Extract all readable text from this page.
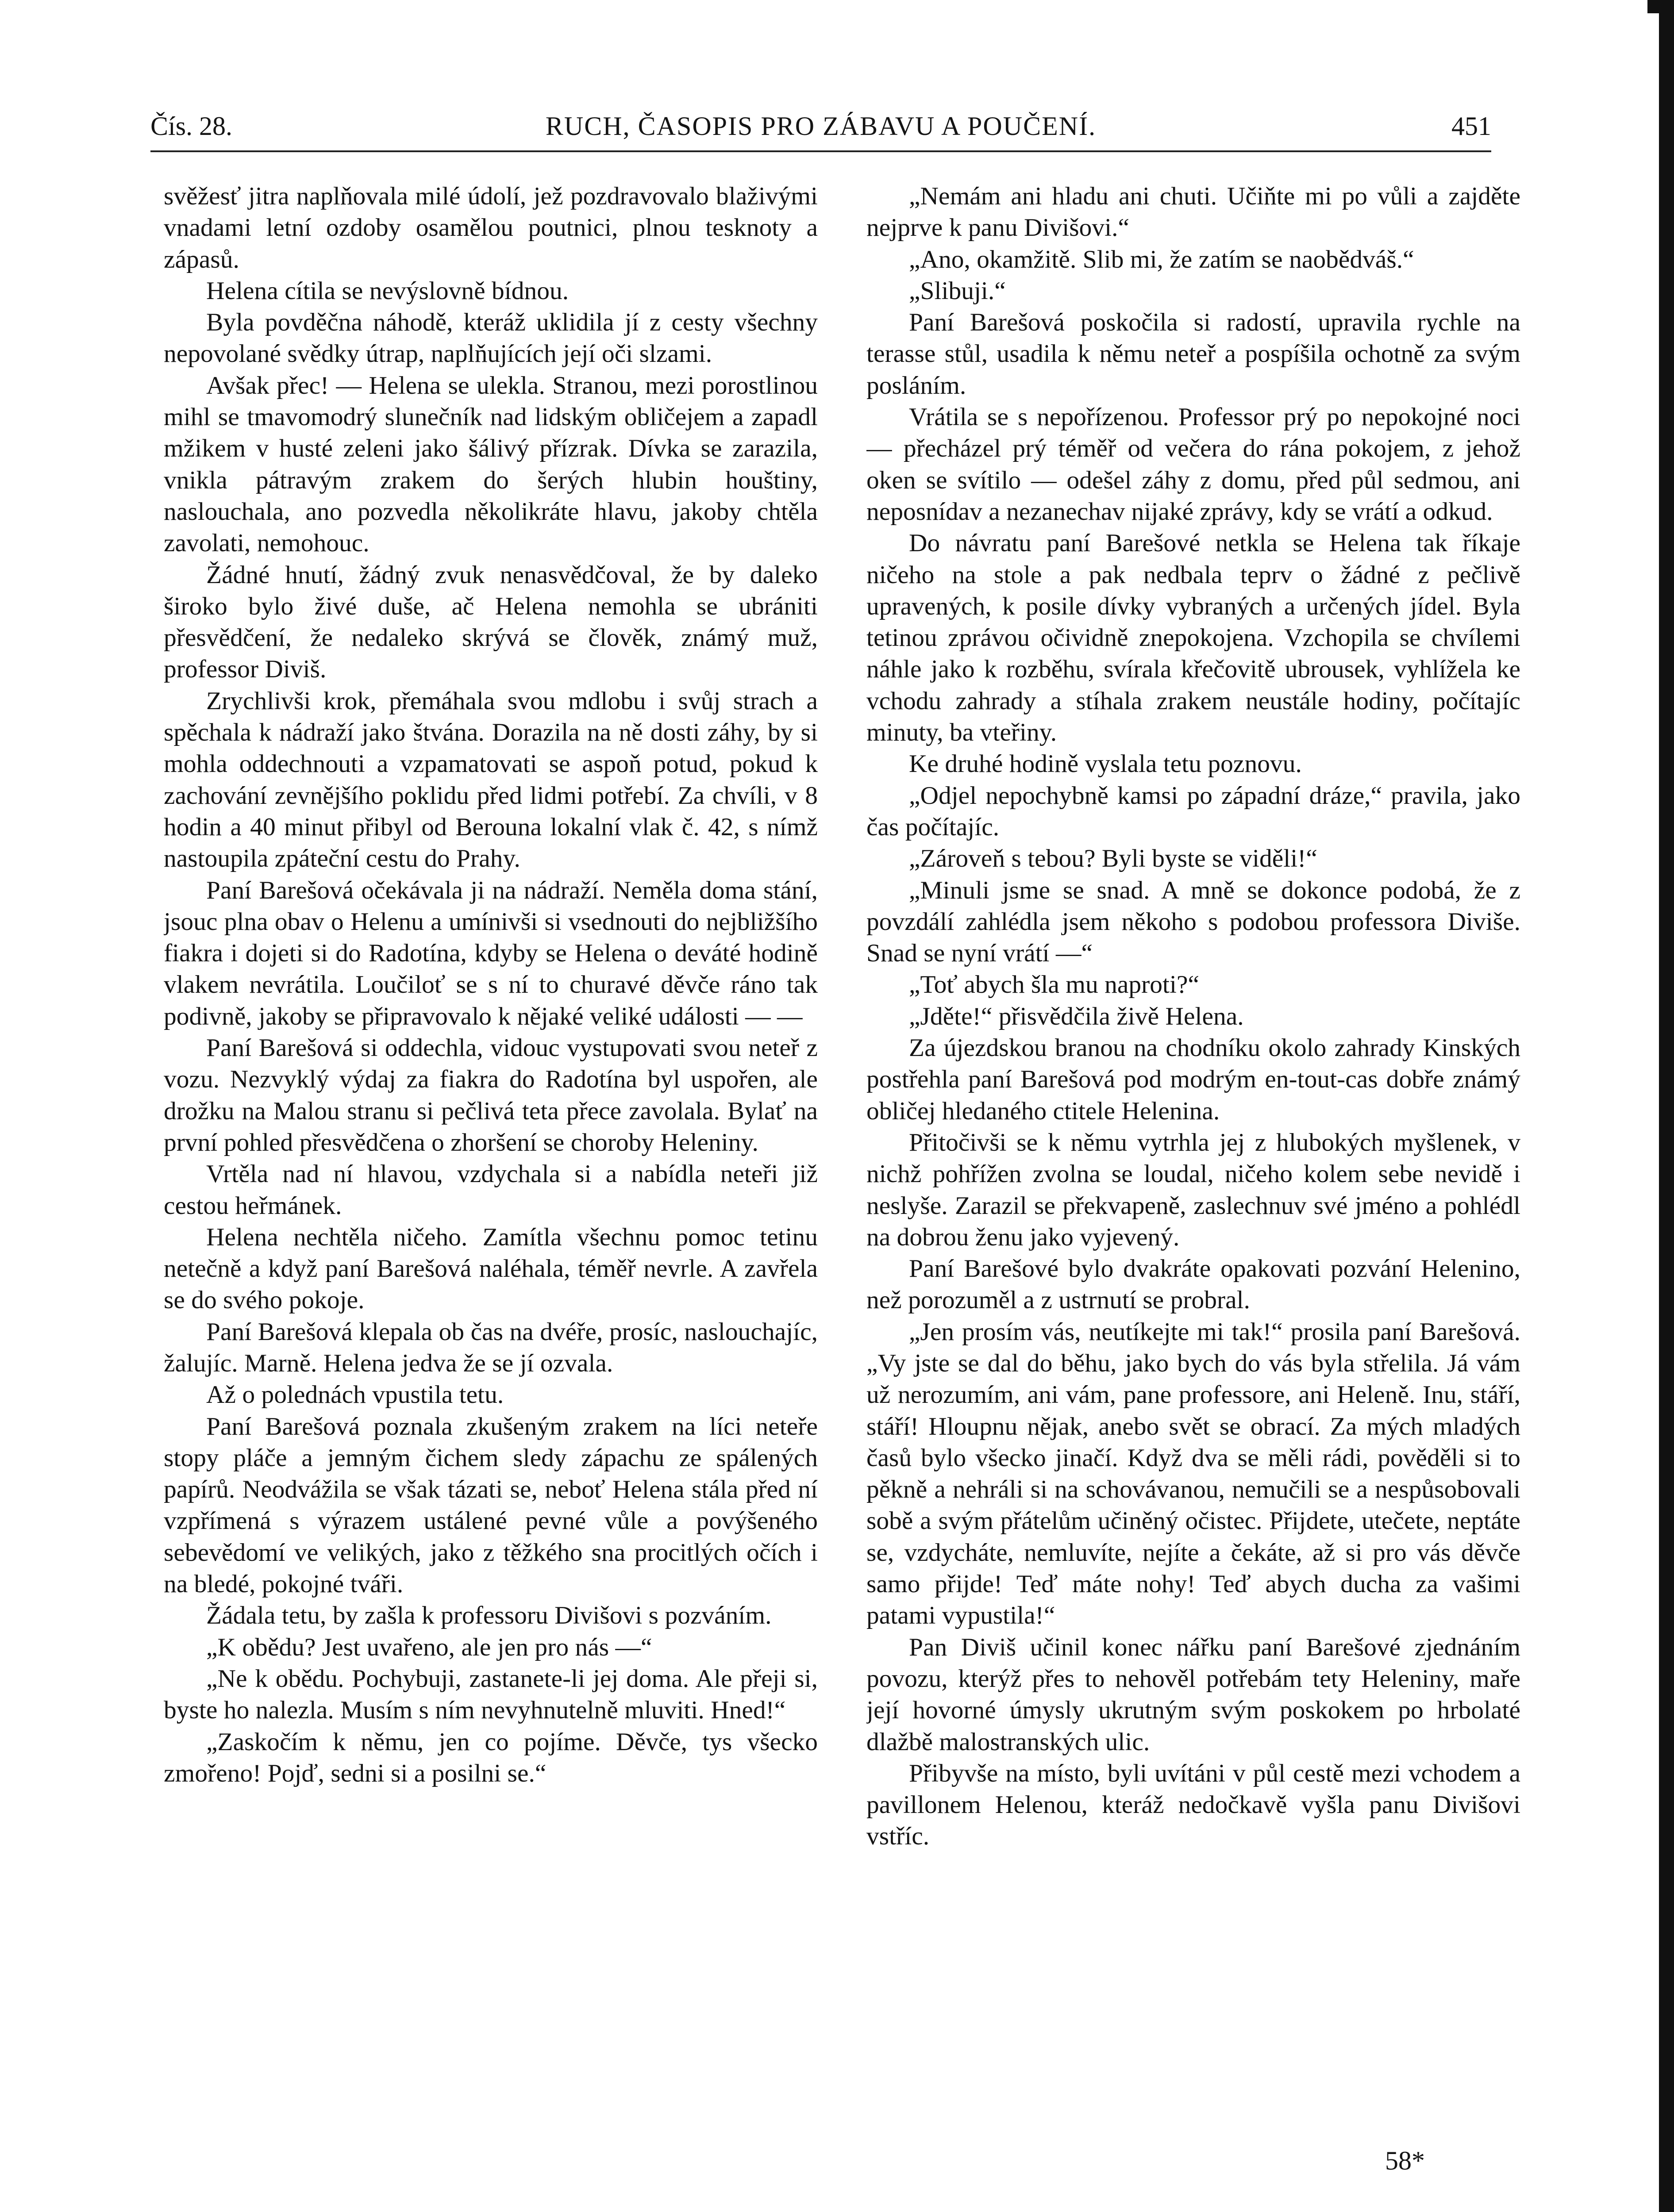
Čís. 28.	RUCH, ČASOPIS PRO ZÁBAVU A POUČENÍ.	451

svěžesť jitra naplňovala milé údolí, jež pozdravovalo blaživými vnadami letní ozdoby osamělou poutnici, plnou tesknoty a zápasů.

Helena cítila se nevýslovně bídnou.

Byla povděčna náhodě, kteráž uklidila jí z cesty všechny nepovolané svědky útrap, naplňujících její oči slzami.

Avšak přec! — Helena se ulekla. Stranou, mezi porostlinou mihl se tmavomodrý slunečník nad lidským obličejem a zapadl mžikem v husté zeleni jako šálivý přízrak. Dívka se zarazila, vnikla pátravým zrakem do šerých hlubin houštiny, naslouchala, ano pozvedla několikráte hlavu, jakoby chtěla zavolati, nemohouc.

Žádné hnutí, žádný zvuk nenasvědčoval, že by daleko široko bylo živé duše, ač Helena nemohla se ubrániti přesvědčení, že nedaleko skrývá se člověk, známý muž, professor Diviš.

Zrychlivši krok, přemáhala svou mdlobu i svůj strach a spěchala k nádraží jako štvána. Dorazila na ně dosti záhy, by si mohla oddechnouti a vzpamatovati se aspoň potud, pokud k zachování zevnějšího poklidu před lidmi potřebí. Za chvíli, v 8 hodin a 40 minut přibyl od Berouna lokalní vlak č. 42, s nímž nastoupila zpáteční cestu do Prahy.

Paní Barešová očekávala ji na nádraží. Neměla doma stání, jsouc plna obav o Helenu a umínivši si vsednouti do nejbližšího fiakra i dojeti si do Radotína, kdyby se Helena o deváté hodině vlakem nevrátila. Loučiloť se s ní to churavé děvče ráno tak podivně, jakoby se připravovalo k nějaké veliké události — —

Paní Barešová si oddechla, vidouc vystupovati svou neteř z vozu. Nezvyklý výdaj za fiakra do Radotína byl uspořen, ale drožku na Malou stranu si pečlivá teta přece zavolala. Bylať na první pohled přesvědčena o zhoršení se choroby Heleniny.

Vrtěla nad ní hlavou, vzdychala si a nabídla neteři již cestou heřmánek.

Helena nechtěla ničeho. Zamítla všechnu pomoc tetinu netečně a když paní Barešová naléhala, téměř nevrle. A zavřela se do svého pokoje.

Paní Barešová klepala ob čas na dvéře, prosíc, naslouchajíc, žalujíc. Marně. Helena jedva že se jí ozvala.

Až o polednách vpustila tetu.

Paní Barešová poznala zkušeným zrakem na líci neteře stopy pláče a jemným čichem sledy zápachu ze spálených papírů. Neodvážila se však tázati se, neboť Helena stála před ní vzpřímená s výrazem ustálené pevné vůle a povýšeného sebevědomí ve velikých, jako z těžkého sna procitlých očích i na bledé, pokojné tváři.

Žádala tetu, by zašla k professoru Divišovi s pozváním.

„K obědu? Jest uvařeno, ale jen pro nás —“

„Ne k obědu. Pochybuji, zastanete-li jej doma. Ale přeji si, byste ho nalezla. Musím s ním nevyhnutelně mluviti. Hned!“

„Zaskočím k němu, jen co pojíme. Děvče, tys všecko zmořeno! Pojď, sedni si a posilni se.“

„Nemám ani hladu ani chuti. Učiňte mi po vůli a zajděte nejprve k panu Divišovi.“

„Ano, okamžitě. Slib mi, že zatím se naobědváš.“

„Slibuji.“

Paní Barešová poskočila si radostí, upravila rychle na terasse stůl, usadila k němu neteř a pospíšila ochotně za svým posláním.

Vrátila se s nepořízenou. Professor prý po nepokojné noci — přecházel prý téměř od večera do rána pokojem, z jehož oken se svítilo — odešel záhy z domu, před půl sedmou, ani neposnídav a nezanechav nijaké zprávy, kdy se vrátí a odkud.

Do návratu paní Barešové netkla se Helena tak říkaje ničeho na stole a pak nedbala teprv o žádné z pečlivě upravených, k posile dívky vybraných a určených jídel. Byla tetinou zprávou očividně znepokojena. Vzchopila se chvílemi náhle jako k rozběhu, svírala křečovitě ubrousek, vyhlížela ke vchodu zahrady a stíhala zrakem neustále hodiny, počítajíc minuty, ba vteřiny.

Ke druhé hodině vyslala tetu poznovu.

„Odjel nepochybně kamsi po západní dráze,“ pravila, jako čas počítajíc.

„Zároveň s tebou? Byli byste se viděli!“

„Minuli jsme se snad. A mně se dokonce podobá, že z povzdálí zahlédla jsem někoho s podobou professora Diviše. Snad se nyní vrátí —“

„Toť abych šla mu naproti?“

„Jděte!“ přisvědčila živě Helena.

Za újezdskou branou na chodníku okolo zahrady Kinských postřehla paní Barešová pod modrým en-tout-cas dobře známý obličej hledaného ctitele Helenina.

Přitočivši se k němu vytrhla jej z hlubokých myšlenek, v nichž pohřížen zvolna se loudal, ničeho kolem sebe nevidě i neslyše. Zarazil se překvapeně, zaslechnuv své jméno a pohlédl na dobrou ženu jako vyjevený.

Paní Barešové bylo dvakráte opakovati pozvání Helenino, než porozuměl a z ustrnutí se probral.

„Jen prosím vás, neutíkejte mi tak!“ prosila paní Barešová. „Vy jste se dal do běhu, jako bych do vás byla střelila. Já vám už nerozumím, ani vám, pane professore, ani Heleně. Inu, stáří, stáří! Hloupnu nějak, anebo svět se obrací. Za mých mladých časů bylo všecko jinačí. Když dva se měli rádi, pověděli si to pěkně a nehráli si na schovávanou, nemučili se a nespůsobovali sobě a svým přátelům učiněný očistec. Přijdete, utečete, neptáte se, vzdycháte, nemluvíte, nejíte a čekáte, až si pro vás děvče samo přijde! Teď máte nohy! Teď abych ducha za vašimi patami vypustila!“

Pan Diviš učinil konec nářku paní Barešové zjednáním povozu, kterýž přes to nehověl potřebám tety Heleniny, maře její hovorné úmysly ukrutným svým poskokem po hrbolaté dlažbě malostranských ulic.

Přibyvše na místo, byli uvítáni v půl cestě mezi vchodem a pavillonem Helenou, kteráž nedočkavě vyšla panu Divišovi vstříc.

58*
